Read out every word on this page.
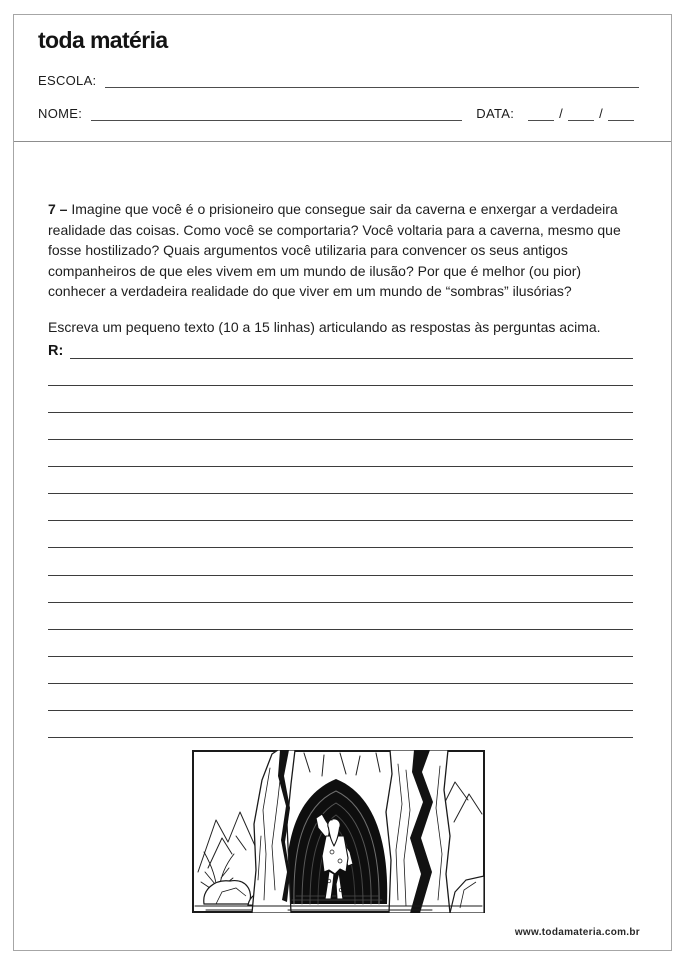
toda matéria
ESCOLA:
NOME:	DATA:	/	/

7 – Imagine que você é o prisioneiro que consegue sair da caverna e enxergar a verdadeira realidade das coisas. Como você se comportaria? Você voltaria para a caverna, mesmo que fosse hostilizado? Quais argumentos você utilizaria para convencer os seus antigos companheiros de que eles vivem em um mundo de ilusão? Por que é melhor (ou pior) conhecer a verdadeira realidade do que viver em um mundo de “sombras” ilusórias?

Escreva um pequeno texto (10 a 15 linhas) articulando as respostas às perguntas acima.

R:
www.todamateria.com.br
